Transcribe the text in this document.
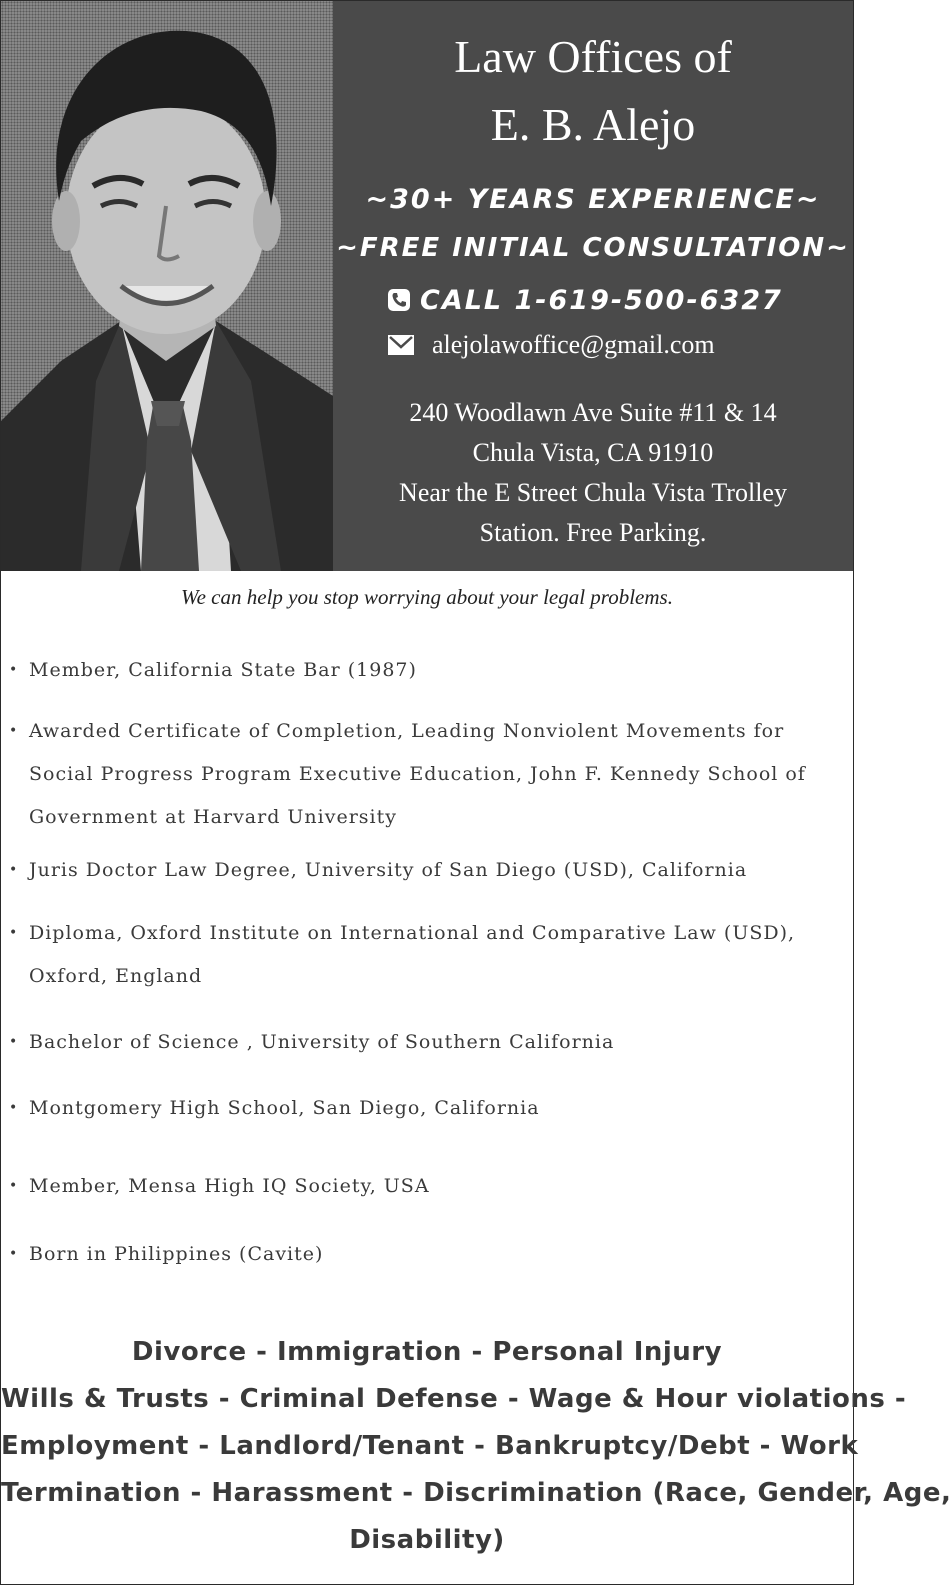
Law Offices of
E. B. Alejo
~30+ YEARS EXPERIENCE~
~FREE INITIAL CONSULTATION~
CALL 1-619-500-6327
alejolawoffice@gmail.com
240 Woodlawn Ave Suite #11 & 14
Chula Vista, CA 91910
Near the E Street Chula Vista Trolley
Station. Free Parking.
We can help you stop worrying about your legal problems.
• Member, California State Bar (1987)
• Awarded Certificate of Completion, Leading Nonviolent Movements for
Social Progress Program Executive Education, John F. Kennedy School of
Government at Harvard University
• Juris Doctor Law Degree, University of San Diego (USD), California
• Diploma, Oxford Institute on International and Comparative Law (USD),
Oxford, England
• Bachelor of Science , University of Southern California
• Montgomery High School, San Diego, California
• Member, Mensa High IQ Society, USA
• Born in Philippines (Cavite)
Divorce - Immigration - Personal Injury
Wills & Trusts - Criminal Defense - Wage & Hour violations -
Employment - Landlord/Tenant - Bankruptcy/Debt - Work
Termination - Harassment - Discrimination (Race, Gender, Age,
Disability)
